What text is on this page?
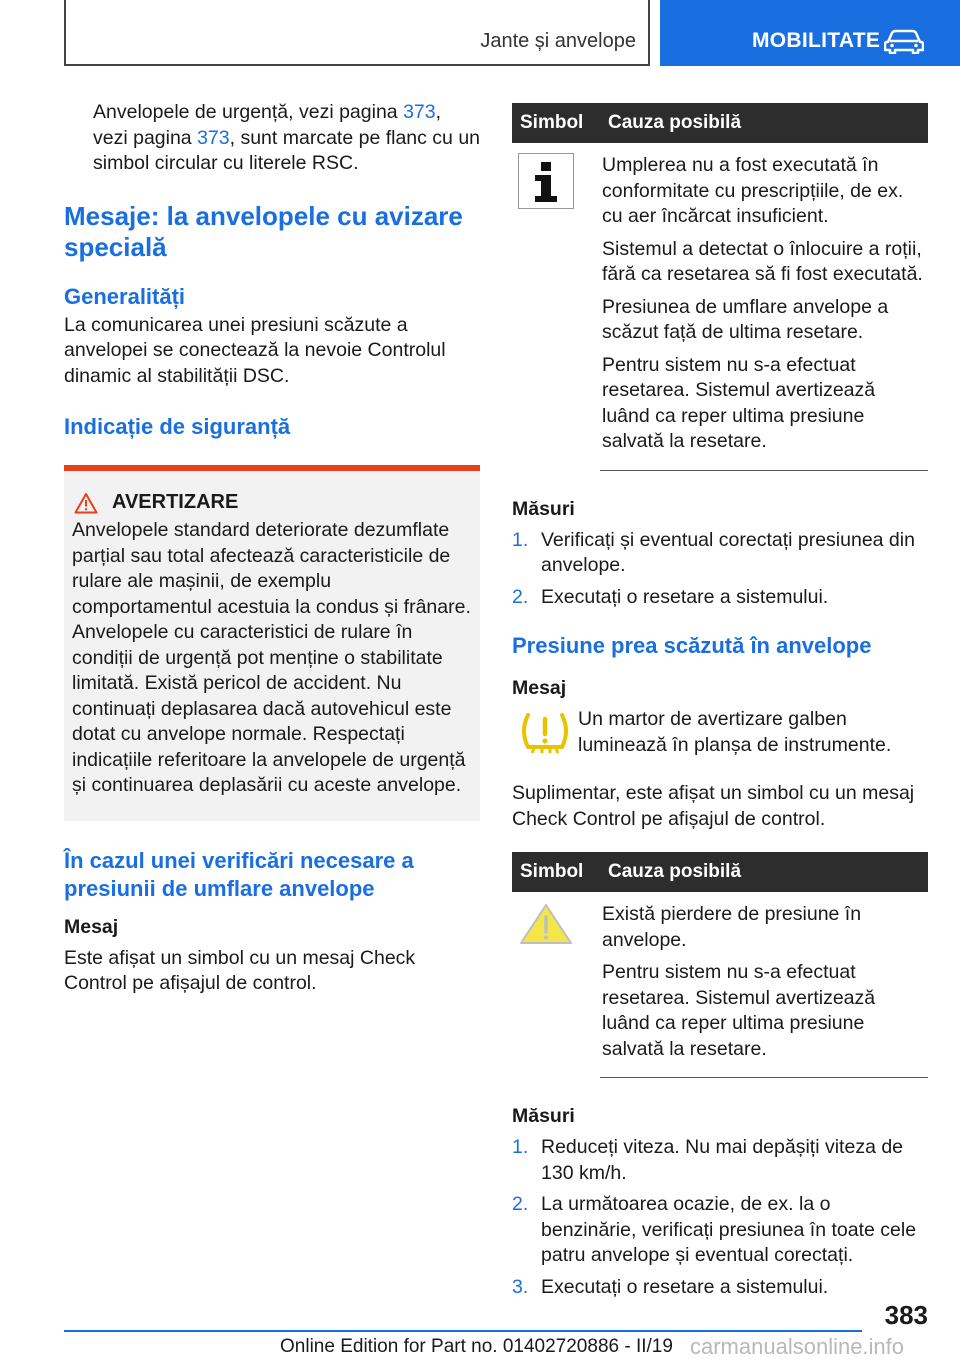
Jante și anvelope	MOBILITATE

Anvelopele de urgență, vezi pagina 373, vezi pagina 373, sunt marcate pe flanc cu un simbol circular cu literele RSC.

Mesaje: la anvelopele cu avizare specială
Generalități

La comunicarea unei presiuni scăzute a anvelopei se conectează la nevoie Controlul dinamic al stabilității DSC.

Indicație de siguranță
AVERTIZARE

Anvelopele standard deteriorate dezumflate parțial sau total afectează caracteristicile de rulare ale mașinii, de exemplu comportamentul acestuia la condus și frânare. Anvelopele cu caracteristici de rulare în condiții de urgență pot menține o stabilitate limitată. Există pericol de accident. Nu continuați deplasarea dacă autovehicul este dotat cu anvelope normale. Respectați indicațiile referitoare la anvelopele de urgență și continuarea deplasării cu aceste anvelope.

În cazul unei verificări necesare a presiunii de umflare anvelope
Mesaj

Este afișat un simbol cu un mesaj Check Control pe afișajul de control.

Simbol	Cauza posibilă

Umplerea nu a fost executată în conformitate cu prescripțiile, de ex. cu aer încărcat insuficient.

Sistemul a detectat o înlocuire a roții, fără ca resetarea să fi fost executată.

Presiunea de umflare anvelope a scăzut față de ultima resetare.

Pentru sistem nu s-a efectuat resetarea. Sistemul avertizează luând ca reper ultima presiune salvată la resetare.

Măsuri
1. Verificați și eventual corectați presiunea din anvelope.
2. Executați o resetare a sistemului.
Presiune prea scăzută în anvelope
Mesaj

Un martor de avertizare galben luminează în planșa de instrumente.

Suplimentar, este afișat un simbol cu un mesaj Check Control pe afișajul de control.

Simbol	Cauza posibilă

Există pierdere de presiune în anvelope.

Pentru sistem nu s-a efectuat resetarea. Sistemul avertizează luând ca reper ultima presiune salvată la resetare.

Măsuri
1. Reduceți viteza. Nu mai depășiți viteza de 130 km/h.
2. La următoarea ocazie, de ex. la o benzinărie, verificați presiunea în toate cele patru anvelope și eventual corectați.
3. Executați o resetare a sistemului.
383
Online Edition for Part no. 01402720886 - II/19 carmanualsonline.info
